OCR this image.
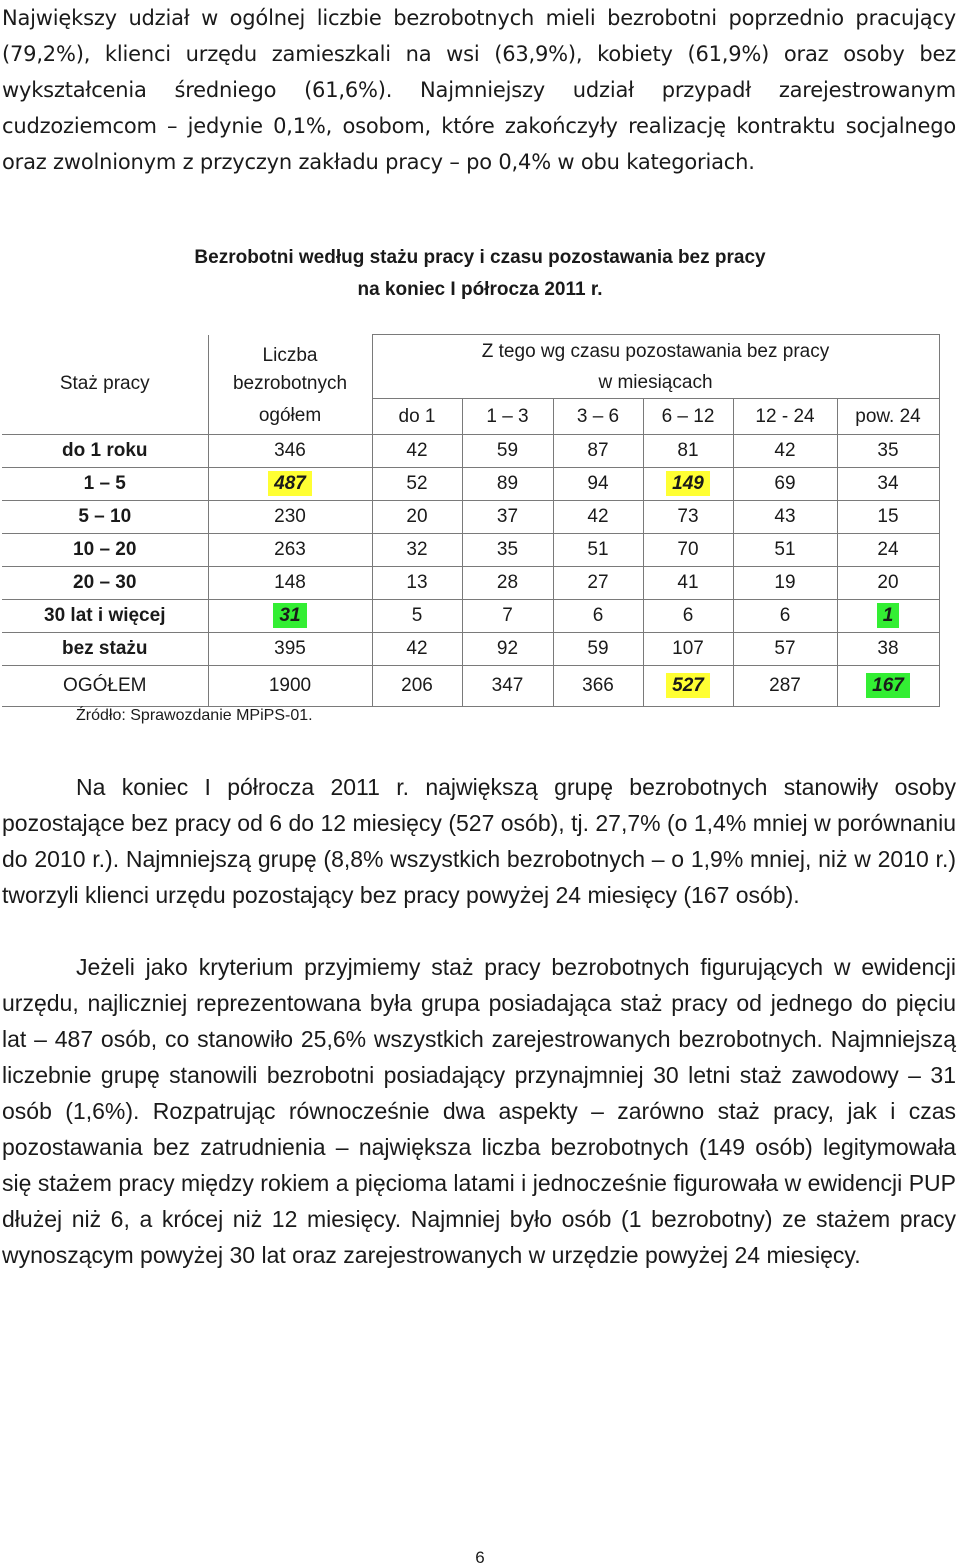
Największy udział w ogólnej liczbie bezrobotnych mieli bezrobotni poprzednio pracujący (79,2%), klienci urzędu zamieszkali na wsi (63,9%), kobiety (61,9%) oraz osoby bez wykształcenia średniego (61,6%). Najmniejszy udział przypadł zarejestrowanym cudzoziemcom – jedynie 0,1%, osobom, które zakończyły realizację kontraktu socjalnego oraz zwolnionym z przyczyn zakładu pracy – po 0,4% w obu kategoriach.

Bezrobotni według stażu pracy i czasu pozostawania bez pracy

na koniec I półrocza 2011 r.

Staż pracy	Liczba	Z tego wg czasu pozostawania bez pracy					
	bezrobotnych	w miesiącach					
	ogółem	do 1	1 – 3	3 – 6	6 – 12	12 - 24	pow. 24
do 1 roku	346	42	59	87	81	42	35
1 – 5	487	52	89	94	149	69	34
5 – 10	230	20	37	42	73	43	15
10 – 20	263	32	35	51	70	51	24
20 – 30	148	13	28	27	41	19	20
30 lat i więcej	31	5	7	6	6	6	1
bez stażu	395	42	92	59	107	57	38
OGÓŁEM	1900	206	347	366	527	287	167

Źródło: Sprawozdanie MPiPS-01.

Na koniec I półrocza 2011 r. największą grupę bezrobotnych stanowiły osoby pozostające bez pracy od 6 do 12 miesięcy (527 osób), tj. 27,7% (o 1,4% mniej w porównaniu do 2010 r.). Najmniejszą grupę (8,8% wszystkich bezrobotnych – o 1,9% mniej, niż w 2010 r.) tworzyli klienci urzędu pozostający bez pracy powyżej 24 miesięcy (167 osób).

Jeżeli jako kryterium przyjmiemy staż pracy bezrobotnych figurujących w ewidencji urzędu, najliczniej reprezentowana była grupa posiadająca staż pracy od jednego do pięciu lat – 487 osób, co stanowiło 25,6% wszystkich zarejestrowanych bezrobotnych. Najmniejszą liczebnie grupę stanowili bezrobotni posiadający przynajmniej 30 letni staż zawodowy – 31 osób (1,6%). Rozpatrując równocześnie dwa aspekty – zarówno staż pracy, jak i czas pozostawania bez zatrudnienia – największa liczba bezrobotnych (149 osób) legitymowała się stażem pracy między rokiem a pięcioma latami i jednocześnie figurowała w ewidencji PUP dłużej niż 6, a krócej niż 12 miesięcy. Najmniej było osób (1 bezrobotny) ze stażem pracy wynoszącym powyżej 30 lat oraz zarejestrowanych w urzędzie powyżej 24 miesięcy.

6
